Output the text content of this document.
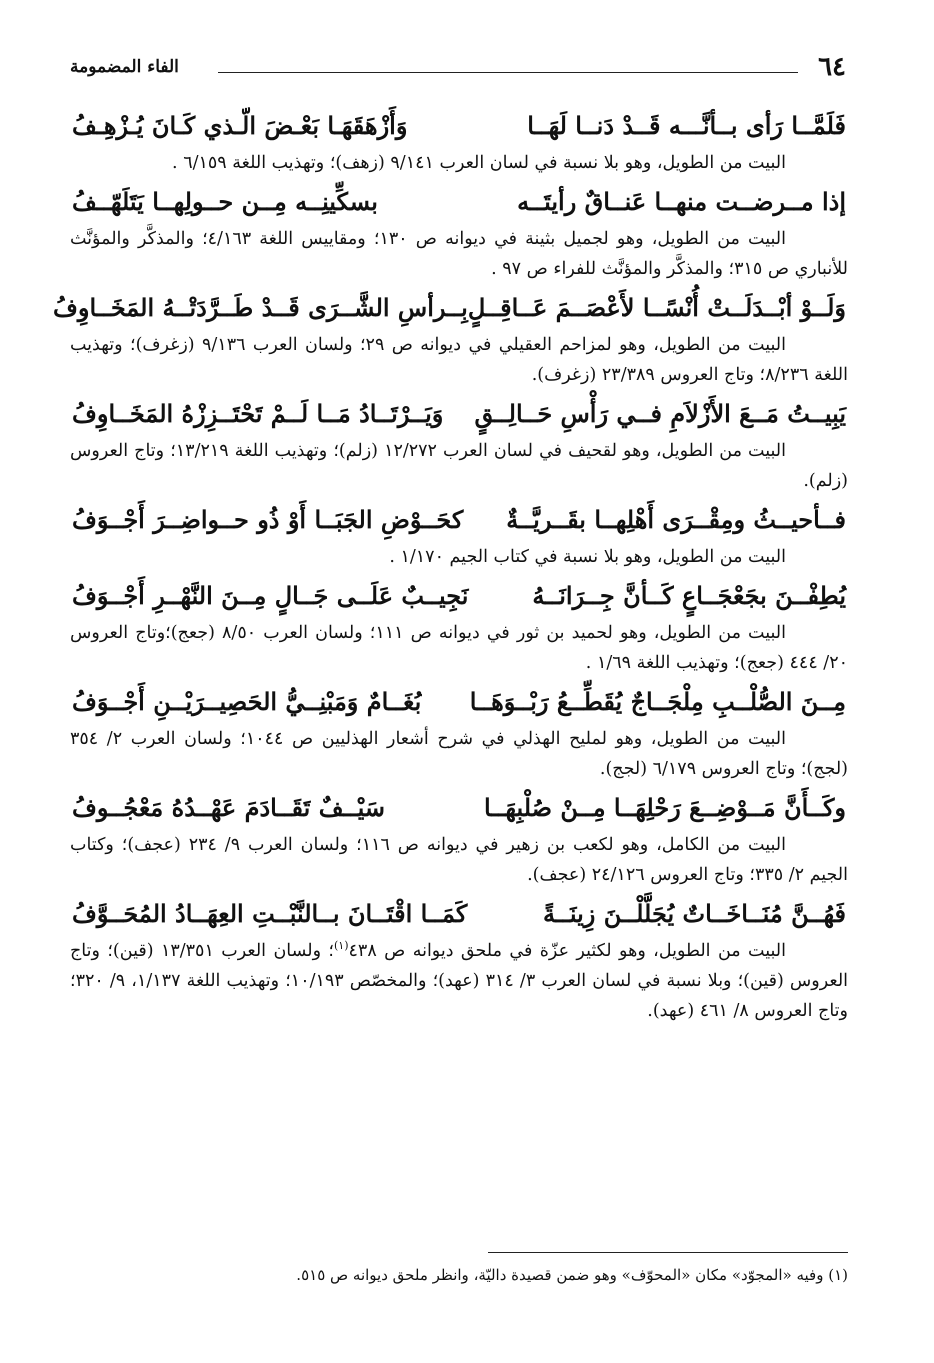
٦٤
الفاء المضمومة
فَلَمَّــا رَأى بــأنَّـــه قَــدْ دَنــا لَهَــا
وَأَزْهَقَهَـا بَعْـضَ الّـذي كَـانَ يُـزْهِـفُ

البيت من الطويل، وهو بلا نسبة في لسان العرب ٩/١٤١ (زهف)؛ وتهذيب اللغة ٦/١٥٩ .

إذا مــرضــت منهــا عَنــاقٌ رأيتَــه
بسكِّينِــه مِــن حــولِهــا يَتَلَهّــفُ

البيت من الطويل، وهو لجميل بثينة في ديوانه ص ١٣٠؛ ومقاييس اللغة ٤/١٦٣؛ والمذكَّر والمؤنَّث للأنباري ص ٣١٥؛ والمذكَّر والمؤنَّث للفراء ص ٩٧ .

وَلَــوْ أبْــدَلَــتْ أُنْسًــا لأَعْصَــمَ عَــاقِــلٍ
بِــرأسِ الشَّــرَى قَــدْ طَــرَّدَتْــهُ المَخَــاوِفُ

البيت من الطويل، وهو لمزاحم العقيلي في ديوانه ص ٢٩؛ ولسان العرب ٩/١٣٦ (زغرف)؛ وتهذيب اللغة ٨/٢٣٦؛ وتاج العروس ٢٣/٣٨٩ (زغرف).

يَبِيــتُ مَــعَ الأَزْلاَمِ فــي رَأْسِ حَــالِــقٍ
وَيَــرْتَــادُ مَــا لَــمْ تَحْتَــزِزْهُ المَخَــاوِفُ

البيت من الطويل، وهو لقحيف في لسان العرب ١٢/٢٧٢ (زلم)؛ وتهذيب اللغة ١٣/٢١٩؛ وتاج العروس (زلم).

فــأحيــثُ ومِقْــرَى أَهْلِهــا بقَــريَّــةٌ
كحَــوْضِ الجَبَــا أَوْ ذُو حــواضِــرَ أَجْــوَفُ

البيت من الطويل، وهو بلا نسبة في كتاب الجيم ١/١٧٠ .

يُطِفْــنَ بجَعْجَــاعٍ كَــأنَّ جِــرَانَــهُ
نَجِيــبٌ عَلَــى جَــالٍ مِــنَ النَّهْــرِ أَجْــوَفُ

البيت من الطويل، وهو لحميد بن ثور في ديوانه ص ١١١؛ ولسان العرب ٨/٥٠ (جعج)؛وتاج العروس ٢٠/ ٤٤٤ (جعج)؛ وتهذيب اللغة ١/٦٩ .

مِــنَ الصُّلْــبِ مِلْجَــاجٌ يُقَطِّــعُ رَبْــوَهَــا
بُغَــامٌ وَمَبْنِــيُّ الحَصِيــرَيْــنِ أَجْــوَفُ

البيت من الطويل، وهو لمليح الهذلي في شرح أشعار الهذليين ص ١٠٤٤؛ ولسان العرب ٢/ ٣٥٤ (لجج)؛ وتاج العروس ٦/١٧٩ (لجج).

وكَــأَنَّ مَــوْضِــعَ رَحْلِهَــا مِــنْ صُلْبِهَــا
سَيْــفٌ تَقَــادَمَ عَهْــدُهُ مَعْجُــوفُ

البيت من الكامل، وهو لكعب بن زهير في ديوانه ص ١١٦؛ ولسان العرب ٩/ ٢٣٤ (عجف)؛ وكتاب الجيم ٢/ ٣٣٥؛ وتاج العروس ٢٤/١٢٦ (عجف).

فَهُــنَّ مُنَــاخَــاتٌ يُجَلَّلْــنَ زِينَــةً
كَمَــا اقْتَــانَ بــالنَّبْــتِ العِهَــادُ المُحَــوَّفُ

البيت من الطويل، وهو لكثير عزّة في ملحق ديوانه ص ٤٣٨$^{(١)}$؛ ولسان العرب ١٣/٣٥١ (قين)؛ وتاج العروس (قين)؛ وبلا نسبة في لسان العرب ٣/ ٣١٤ (عهد)؛ والمخصّص ١٠/١٩٣؛ وتهذيب اللغة ١/١٣٧، ٩/ ٣٢٠؛ وتاج العروس ٨/ ٤٦١ (عهد).

(١) وفيه «المجوّد» مكان «المحوّف» وهو ضمن قصيدة داليّة، وانظر ملحق ديوانه ص ٥١٥.
